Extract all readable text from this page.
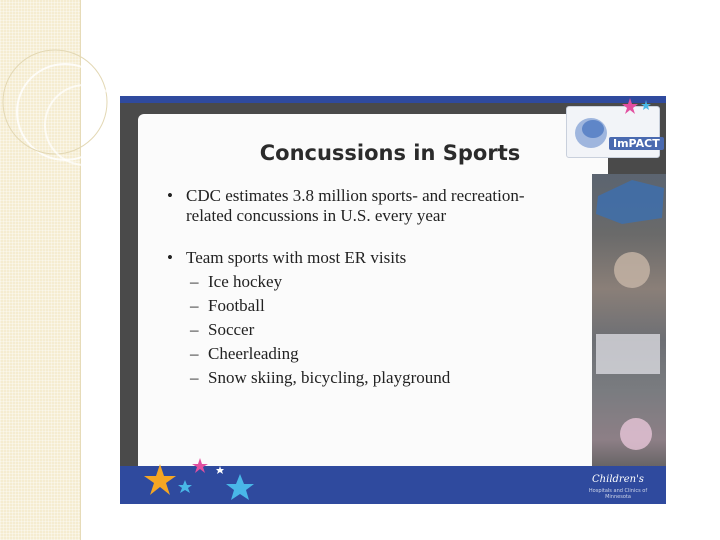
Concussions in Sports
• CDC estimates 3.8 million sports- and recreation-
related concussions in U.S. every year
• Team sports with most ER visits
– Ice hockey
– Football
– Soccer
– Cheerleading
– Snow skiing, bicycling, playground
ImPACT
Children's
Hospitals and Clinics of Minnesota
